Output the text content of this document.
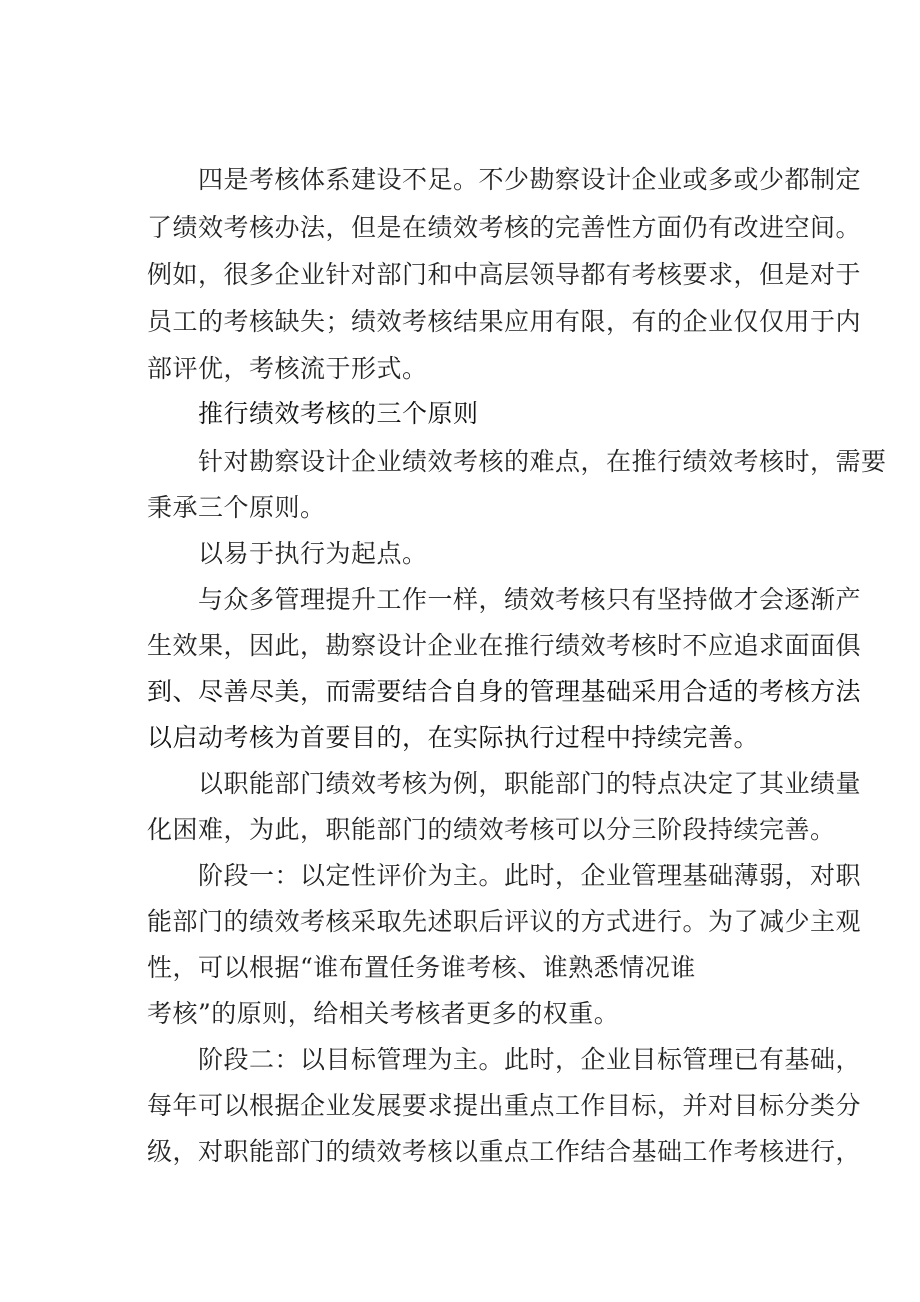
四是考核体系建设不足。不少勘察设计企业或多或少都制定
了绩效考核办法，但是在绩效考核的完善性方面仍有改进空间。
例如，很多企业针对部门和中高层领导都有考核要求，但是对于
员工的考核缺失；绩效考核结果应用有限，有的企业仅仅用于内
部评优，考核流于形式。
推行绩效考核的三个原则
针对勘察设计企业绩效考核的难点，在推行绩效考核时，需要
秉承三个原则。
以易于执行为起点。
与众多管理提升工作一样，绩效考核只有坚持做才会逐渐产
生效果，因此，勘察设计企业在推行绩效考核时不应追求面面俱
到、尽善尽美，而需要结合自身的管理基础采用合适的考核方法
以启动考核为首要目的，在实际执行过程中持续完善。
以职能部门绩效考核为例，职能部门的特点决定了其业绩量
化困难，为此，职能部门的绩效考核可以分三阶段持续完善。
阶段一：以定性评价为主。此时，企业管理基础薄弱，对职
能部门的绩效考核采取先述职后评议的方式进行。为了减少主观
性，可以根据“谁布置任务谁考核、谁熟悉情况谁
考核”的原则，给相关考核者更多的权重。
阶段二：以目标管理为主。此时，企业目标管理已有基础，
每年可以根据企业发展要求提出重点工作目标，并对目标分类分
级，对职能部门的绩效考核以重点工作结合基础工作考核进行，
